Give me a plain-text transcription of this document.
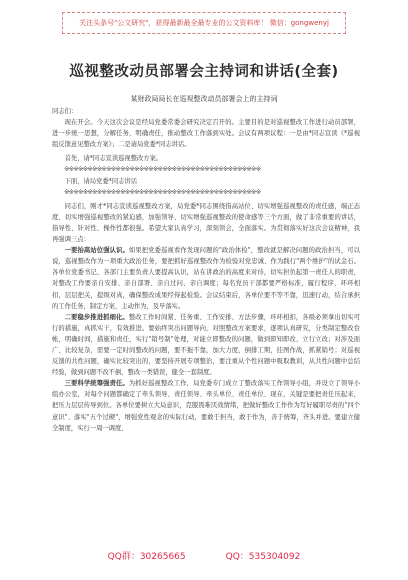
关注头条号"公文研究"，获得最新最全最专业的公文资料库！ 微信：gongwenyj
巡视整改动员部署会主持词和讲话(全套)
某财政局局长在巡视整改动员部署会上的主持词

同志们：

现在开会。今天这次会议是经局党委常委会研究决定召开的。主要目的是对巡视整改工作进行动员部署，进一步统一思想，分解任务，明确责任，推动整改工作落到实处。会议有两项议程：一是由*同志宣读《*巡视组反馈意见整改方案》；二是请局党委*同志讲话。

首先，请*同志宣读巡视整改方案。

※※※※※※※※※※※※※※※※※※※※※※※※※※※※※※※※※※※※※※※※※※

下面，请局党委*同志讲话

※※※※※※※※※※※※※※※※※※※※※※※※※※※※※※※※※※※※※※※※※※

同志们，刚才*同志宣读巡视整改方案，局党委*同志围绕指高站位、切实增强巡视整改的责任感，端正态度、切实增强巡视整改的紧迫感，加强领导、切实增强巡视整改的使命感等三个方面，做了非常重要的讲话，指导性、针对性、操作性都很强。希望大家认真学习，深刻领会，全面落实。为贯彻落实好这次会议精神，我再强调三点：

一要抬高站位强认识。如果把党委巡视看作发现问题的"政治体检"，整改就是解决问题的政治担当，可以说，巡视整改作为一项重大政治任务，要把抓好巡视整改作为检验对党忠诚、作为践行"两个维护"的试金石。各单位党委书记、各部门主要负责人要提高认识，站在讲政治的高度来对待，切实担负起第一责任人的职责，对整改工作要亲自安排、亲自部署、亲自过问、亲自调度；每名党员干部都要严格标准，履行程序，环环相扣，层层把关，提级对真，确保整改成果经得起检验。会议结束后，各单位要不等不靠，迅速行动，结合承担的工作任务，制定方案，主动作为，及早落实。

二要稳步推进抓细化。整改工作时间紧、任务重、工作安排、方法步骤，环环相扣，各级必须拿出切实可行的措施，真抓实干，有效推进。要始终突出问题导向，对照整改方案要求，逐项认真研究，分类制定整改台帐，明确时间，措施和责任，实行"销号制"处理，对能立即整改的问题，做到即知即改、立行立改；对涉及面广、比较复杂，需要一定时间整改的问题，要不拖不靠，加大力度，倒排工期，挂图作战，抓紧销号；对巡视反馈的共性问题，确实比较突出的，要坚持开展专项整治，要注重从个性问题中吸取教训，从共性问题中总结经验，做到问题不改不倒，整改一类错误，健全一套制度。

三要科学统筹强责任。为抓好巡视整改工作，局党委专门成立了整改落实工作领导小组，并设立了领导小组办公室，对每个问题都确定了牵头领导、责任领导、牵头单位、责任单位、现在，关键是要把责任压起来，把压力层层传导到位。各单位要树立大局意识，克服畏难厌战情绪，把做好整改工作作为写好履职尽责的"四个意识"、落实"五个过硬"，增强党性观念的实际行动，要敢于担当，敢于作为，善于统筹，齐头并进。要建立健全制度，实行一周一调度、

QQ群：30265665	QQ：535304092
